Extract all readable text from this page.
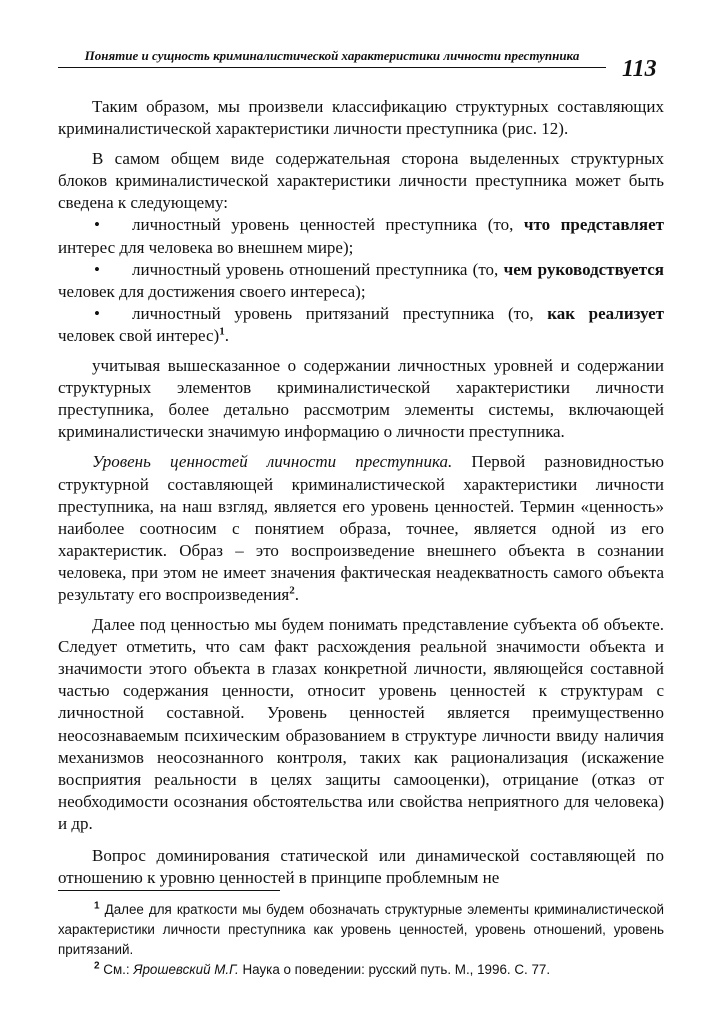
Понятие и сущность криминалистической характеристики личности преступника
113

Таким образом, мы произвели классификацию структурных составляющих криминалистической характеристики личности преступника (рис. 12).

В самом общем виде содержательная сторона выделенных структурных блоков криминалистической характеристики личности преступника может быть сведена к следующему:

• личностный уровень ценностей преступника (то, что представляет интерес для человека во внешнем мире);
• личностный уровень отношений преступника (то, чем руководствуется человек для достижения своего интереса);
• личностный уровень притязаний преступника (то, как реализует человек свой интерес)$^1$.

учитывая вышесказанное о содержании личностных уровней и содержании структурных элементов криминалистической характеристики личности преступника, более детально рассмотрим элементы системы, включающей криминалистически значимую информацию о личности преступника.

Уровень ценностей личности преступника. Первой разновидностью структурной составляющей криминалистической характеристики личности преступника, на наш взгляд, является его уровень ценностей. Термин «ценность» наиболее соотносим с понятием образа, точнее, является одной из его характеристик. Образ – это воспроизведение внешнего объекта в сознании человека, при этом не имеет значения фактическая неадекватность самого объекта результату его воспроизведения$^2$.

Далее под ценностью мы будем понимать представление субъекта об объекте. Следует отметить, что сам факт расхождения реальной значимости объекта и значимости этого объекта в глазах конкретной личности, являющейся составной частью содержания ценности, относит уровень ценностей к структурам с личностной составной. Уровень ценностей является преимущественно неосознаваемым психическим образованием в структуре личности ввиду наличия механизмов неосознанного контроля, таких как рационализация (искажение восприятия реальности в целях защиты самооценки), отрицание (отказ от необходимости осознания обстоятельства или свойства неприятного для человека) и др.

Вопрос доминирования статической или динамической составляющей по отношению к уровню ценностей в принципе проблемным не

$^1$ Далее для краткости мы будем обозначать структурные элементы криминалистической характеристики личности преступника как уровень ценностей, уровень отношений, уровень притязаний.

$^2$ См.: Ярошевский М.Г. Наука о поведении: русский путь. М., 1996. С. 77.
